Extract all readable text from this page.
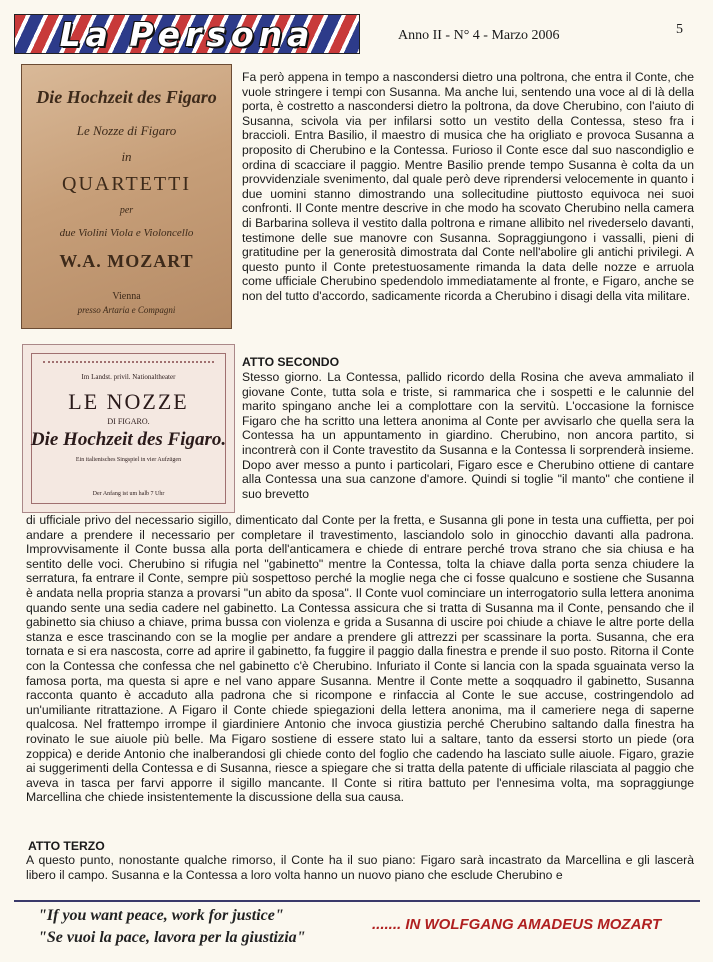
La Persona	Anno II - N° 4 - Marzo 2006	5
Die Hochzeit des Figaro
Le Nozze di Figaro
in
QUARTETTI
per
due Violini Viola e Violoncello
W.A. MOZART
Vienna
presso Artaria e Compagni
Im Landst. privil. Nationaltheater
LE NOZZE
DI FIGARO.
Die Hochzeit des Figaro.
Ein italienisches Singspiel in vier Aufzügen
Der Anfang ist um halb 7 Uhr

Fa però appena in tempo a nascondersi dietro una poltrona, che entra il Conte, che vuole stringere i tempi con Susanna. Ma anche lui, sentendo una voce al di là della porta, è costretto a nascondersi dietro la poltrona, da dove Cherubino, con l'aiuto di Susanna, scivola via per infilarsi sotto un vestito della Contessa, steso fra i braccioli. Entra Basilio, il maestro di musica che ha origliato e provoca Susanna a proposito di Cherubino e la Contessa. Furioso il Conte esce dal suo nascondiglio e ordina di scacciare il paggio. Mentre Basilio prende tempo Susanna è colta da un provvidenziale svenimento, dal quale però deve riprendersi velocemente in quanto i due uomini stanno dimostrando una sollecitudine piuttosto equivoca nei suoi confronti. Il Conte mentre descrive in che modo ha scovato Cherubino nella camera di Barbarina solleva il vestito dalla poltrona e rimane allibito nel rivederselo davanti, testimone delle sue manovre con Susanna. Sopraggiungono i vassalli, pieni di gratitudine per la generosità dimostrata dal Conte nell'abolire gli antichi privilegi. A questo punto il Conte pretestuosamente rimanda la data delle nozze e arruola come ufficiale Cherubino spedendolo immediatamente al fronte, e Figaro, anche se non del tutto d'accordo, sadicamente ricorda a Cherubino i disagi della vita militare.

ATTO SECONDO

Stesso giorno. La Contessa, pallido ricordo della Rosina che aveva ammaliato il giovane Conte, tutta sola e triste, si rammarica che i sospetti e le calunnie del marito spingano anche lei a complottare con la servitù. L'occasione la fornisce Figaro che ha scritto una lettera anonima al Conte per avvisarlo che quella sera la Contessa ha un appuntamento in giardino. Cherubino, non ancora partito, si incontrerà con il Conte travestito da Susanna e la Contessa li sorprenderà insieme. Dopo aver messo a punto i particolari, Figaro esce e Cherubino ottiene di cantare alla Contessa una sua canzone d'amore. Quindi si toglie "il manto" che contiene il suo brevetto

di ufficiale privo del necessario sigillo, dimenticato dal Conte per la fretta, e Susanna gli pone in testa una cuffietta, per poi andare a prendere il necessario per completare il travestimento, lasciandolo solo in ginocchio davanti alla padrona. Improvvisamente il Conte bussa alla porta dell'anticamera e chiede di entrare perché trova strano che sia chiusa e ha sentito delle voci. Cherubino si rifugia nel "gabinetto" mentre la Contessa, tolta la chiave dalla porta senza chiudere la serratura, fa entrare il Conte, sempre più sospettoso perché la moglie nega che ci fosse qualcuno e sostiene che Susanna è andata nella propria stanza a provarsi "un abito da sposa". Il Conte vuol cominciare un interrogatorio sulla lettera anonima quando sente una sedia cadere nel gabinetto. La Contessa assicura che si tratta di Susanna ma il Conte, pensando che il gabinetto sia chiuso a chiave, prima bussa con violenza e grida a Susanna di uscire poi chiude a chiave le altre porte della stanza e esce trascinando con se la moglie per andare a prendere gli attrezzi per scassinare la porta. Susanna, che era tornata e si era nascosta, corre ad aprire il gabinetto, fa fuggire il paggio dalla finestra e prende il suo posto. Ritorna il Conte con la Contessa che confessa che nel gabinetto c'è Cherubino. Infuriato il Conte si lancia con la spada sguainata verso la famosa porta, ma questa si apre e nel vano appare Susanna. Mentre il Conte mette a soqquadro il gabinetto, Susanna racconta quanto è accaduto alla padrona che si ricompone e rinfaccia al Conte le sue accuse, costringendolo ad un'umiliante ritrattazione. A Figaro il Conte chiede spiegazioni della lettera anonima, ma il cameriere nega di saperne qualcosa. Nel frattempo irrompe il giardiniere Antonio che invoca giustizia perché Cherubino saltando dalla finestra ha rovinato le sue aiuole più belle. Ma Figaro sostiene di essere stato lui a saltare, tanto da essersi storto un piede (ora zoppica) e deride Antonio che inalberandosi gli chiede conto del foglio che cadendo ha lasciato sulle aiuole. Figaro, grazie ai suggerimenti della Contessa e di Susanna, riesce a spiegare che si tratta della patente di ufficiale rilasciata al paggio che aveva in tasca per farvi apporre il sigillo mancante. Il Conte si ritira battuto per l'ennesima volta, ma sopraggiunge Marcellina che chiede insistentemente la discussione della sua causa.

ATTO TERZO

A questo punto, nonostante qualche rimorso, il Conte ha il suo piano: Figaro sarà incastrato da Marcellina e gli lascerà libero il campo. Susanna e la Contessa a loro volta hanno un nuovo piano che esclude Cherubino e

"If you want peace, work for justice"
"Se vuoi la pace, lavora per la giustizia"
....... IN WOLFGANG AMADEUS MOZART
